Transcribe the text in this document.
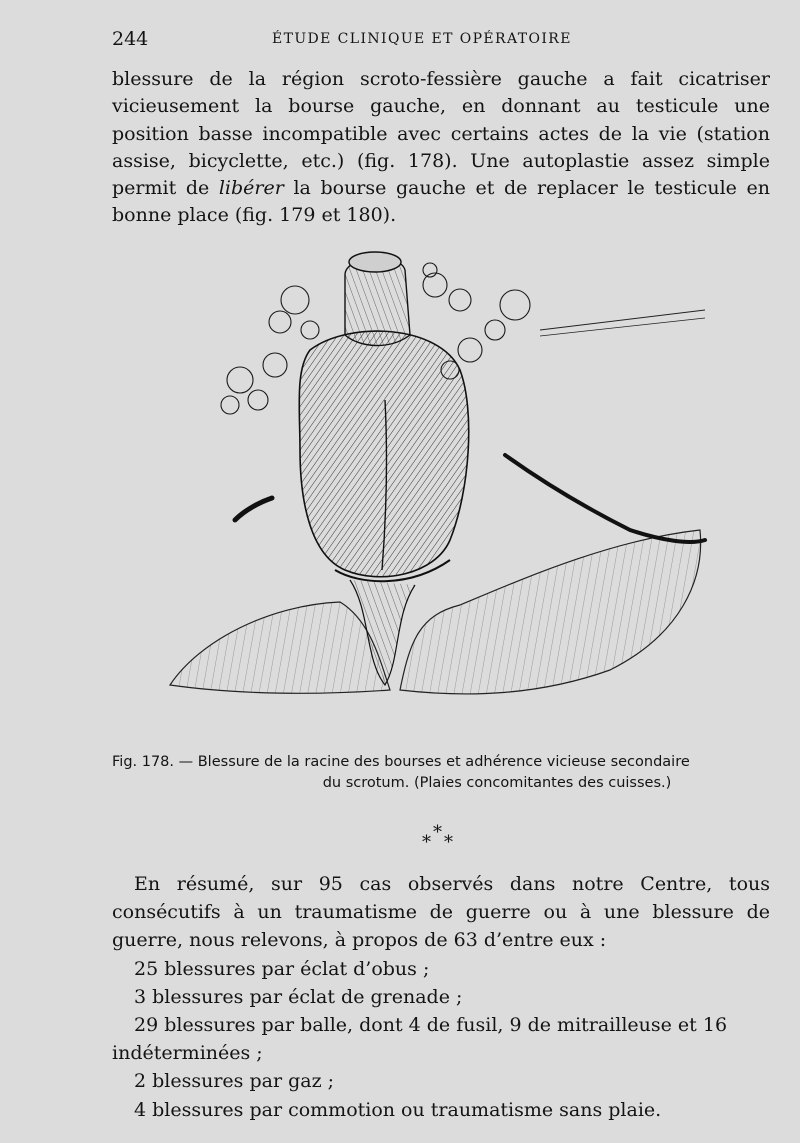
244	ÉTUDE CLINIQUE ET OPÉRATOIRE

blessure de la région scroto-fessière gauche a fait cicatriser vicieusement la bourse gauche, en donnant au testicule une position basse incompatible avec certains actes de la vie (station assise, bicyclette, etc.) (fig. 178). Une autoplastie assez simple permit de libérer la bourse gauche et de replacer le testicule en bonne place (fig. 179 et 180).

Fig. 178. — Blessure de la racine des bourses et adhérence vicieuse secondaire
du scrotum. (Plaies concomitantes des cuisses.)
*
* *

En résumé, sur 95 cas observés dans notre Centre, tous consécutifs à un traumatisme de guerre ou à une blessure de guerre, nous relevons, à propos de 63 d’entre eux :

25 blessures par éclat d’obus ;
3 blessures par éclat de grenade ;
29 blessures par balle, dont 4 de fusil, 9 de mitrailleuse et 16 indéterminées ;
2 blessures par gaz ;
4 blessures par commotion ou traumatisme sans plaie.
